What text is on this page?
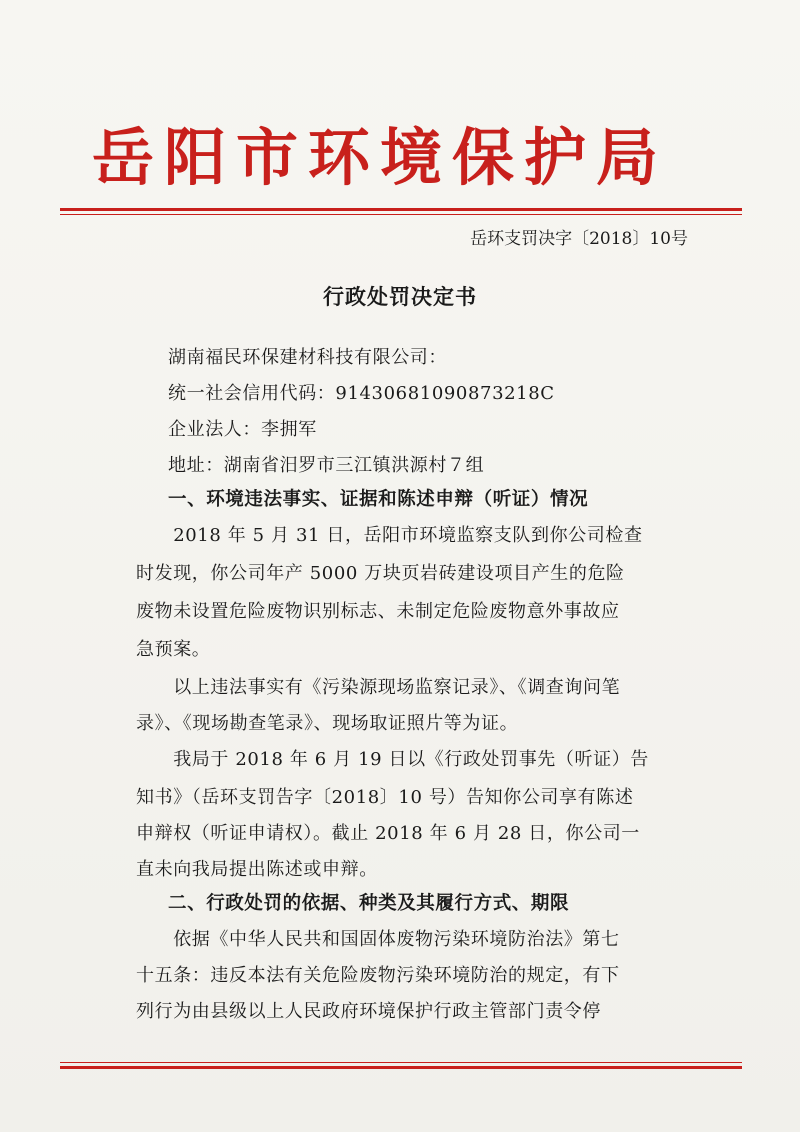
岳阳市环境保护局
岳环支罚决字〔2018〕10号
行政处罚决定书
湖南福民环保建材科技有限公司：
统一社会信用代码：91430681090873218C
企业法人：李拥军
地址：湖南省汨罗市三江镇洪源村７组
一、环境违法事实、证据和陈述申辩（听证）情况
　　2018 年 5 月 31 日，岳阳市环境监察支队到你公司检查
时发现，你公司年产 5000 万块页岩砖建设项目产生的危险
废物未设置危险废物识别标志、未制定危险废物意外事故应
急预案。
　　以上违法事实有《污染源现场监察记录》、《调查询问笔
录》、《现场勘查笔录》、现场取证照片等为证。
　　我局于 2018 年 6 月 19 日以《行政处罚事先（听证）告
知书》（岳环支罚告字〔2018〕10 号）告知你公司享有陈述
申辩权（听证申请权）。截止 2018 年 6 月 28 日，你公司一
直未向我局提出陈述或申辩。
二、行政处罚的依据、种类及其履行方式、期限
　　依据《中华人民共和国固体废物污染环境防治法》第七
十五条：违反本法有关危险废物污染环境防治的规定，有下
列行为由县级以上人民政府环境保护行政主管部门责令停
